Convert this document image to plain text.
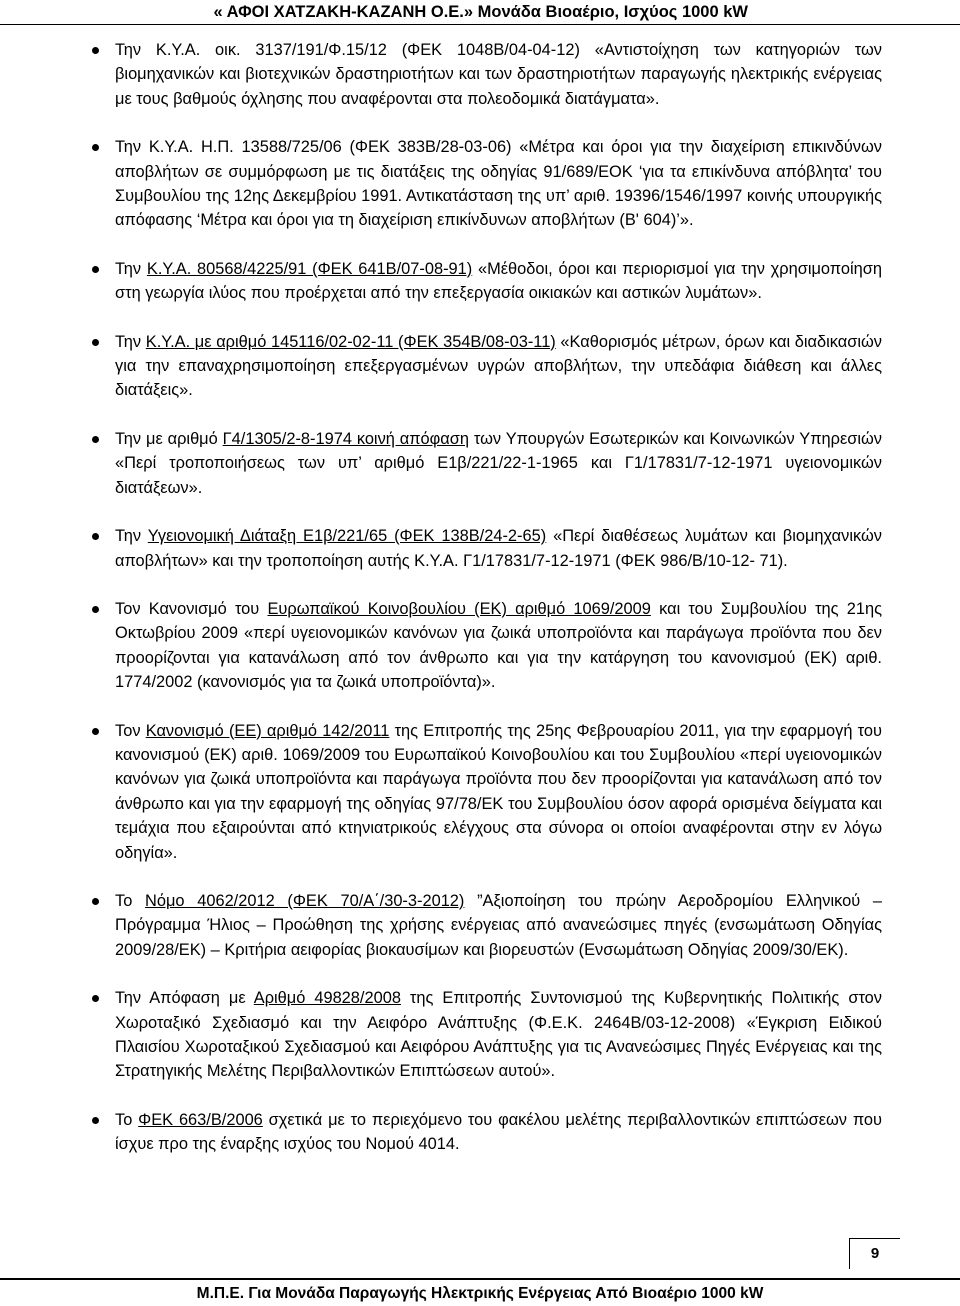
« ΑΦΟΙ ΧΑΤΖΑΚΗ-ΚΑΖΑΝΗ Ο.Ε.» Μονάδα Βιοαέριο, Ισχύος 1000 kW
Την Κ.Υ.Α. οικ. 3137/191/Φ.15/12 (ΦΕΚ 1048Β/04-04-12) «Αντιστοίχηση των κατηγοριών των βιομηχανικών και βιοτεχνικών δραστηριοτήτων και των δραστηριοτήτων παραγωγής ηλεκτρικής ενέργειας με τους βαθμούς όχλησης που αναφέρονται στα πολεοδομικά διατάγματα».
Την Κ.Υ.Α. Η.Π. 13588/725/06 (ΦΕΚ 383Β/28-03-06) «Μέτρα και όροι για την διαχείριση επικινδύνων αποβλήτων σε συμμόρφωση με τις διατάξεις της οδηγίας 91/689/ΕΟΚ ‘για τα επικίνδυνα απόβλητα’ του Συμβουλίου της 12ης Δεκεμβρίου 1991. Αντικατάσταση της υπ’ αριθ. 19396/1546/1997 κοινής υπουργικής απόφασης ‘Μέτρα και όροι για τη διαχείριση επικίνδυνων αποβλήτων (Β' 604)’».
Την Κ.Υ.Α. 80568/4225/91 (ΦΕΚ 641Β/07-08-91) «Μέθοδοι, όροι και περιορισμοί για την χρησιμοποίηση στη γεωργία ιλύος που προέρχεται από την επεξεργασία οικιακών και αστικών λυμάτων».
Την Κ.Υ.Α. με αριθμό 145116/02-02-11 (ΦΕΚ 354Β/08-03-11) «Καθορισμός μέτρων, όρων και διαδικασιών για την επαναχρησιμοποίηση επεξεργασμένων υγρών αποβλήτων, την υπεδάφια διάθεση και άλλες διατάξεις».
Την με αριθμό Γ4/1305/2-8-1974 κοινή απόφαση των Υπουργών Εσωτερικών και Κοινωνικών Υπηρεσιών «Περί τροποποιήσεως των υπ’ αριθμό Ε1β/221/22-1-1965 και Γ1/17831/7-12-1971 υγειονομικών διατάξεων».
Την Υγειονομική Διάταξη Ε1β/221/65 (ΦΕΚ 138Β/24-2-65) «Περί διαθέσεως λυμάτων και βιομηχανικών αποβλήτων» και την τροποποίηση αυτής Κ.Υ.Α. Γ1/17831/7-12-1971 (ΦΕΚ 986/Β/10-12- 71).
Τον Κανονισμό του Ευρωπαϊκού Κοινοβουλίου (ΕΚ) αριθμό 1069/2009 και του Συμβουλίου της 21ης Οκτωβρίου 2009 «περί υγειονομικών κανόνων για ζωικά υποπροϊόντα και παράγωγα προϊόντα που δεν προορίζονται για κατανάλωση από τον άνθρωπο και για την κατάργηση του κανονισμού (ΕΚ) αριθ. 1774/2002 (κανονισμός για τα ζωικά υποπροϊόντα)».
Τον Κανονισμό (ΕΕ) αριθμό 142/2011 της Επιτροπής της 25ης Φεβρουαρίου 2011, για την εφαρμογή του κανονισμού (ΕΚ) αριθ. 1069/2009 του Ευρωπαϊκού Κοινοβουλίου και του Συμβουλίου «περί υγειονομικών κανόνων για ζωικά υποπροϊόντα και παράγωγα προϊόντα που δεν προορίζονται για κατανάλωση από τον άνθρωπο και για την εφαρμογή της οδηγίας 97/78/ΕΚ του Συμβουλίου όσον αφορά ορισμένα δείγματα και τεμάχια που εξαιρούνται από κτηνιατρικούς ελέγχους στα σύνορα οι οποίοι αναφέρονται στην εν λόγω οδηγία».
Το Νόμο 4062/2012 (ΦΕΚ 70/Α΄/30-3-2012) ”Αξιοποίηση του πρώην Αεροδρομίου Ελληνικού – Πρόγραμμα Ήλιος – Προώθηση της χρήσης ενέργειας από ανανεώσιμες πηγές (ενσωμάτωση Οδηγίας 2009/28/ΕΚ) – Κριτήρια αειφορίας βιοκαυσίμων και βιορευστών (Ενσωμάτωση Οδηγίας 2009/30/ΕΚ).
Την Απόφαση με Αριθμό 49828/2008 της Επιτροπής Συντονισμού της Κυβερνητικής Πολιτικής στον Χωροταξικό Σχεδιασμό και την Αειφόρο Ανάπτυξης (Φ.Ε.Κ. 2464Β/03-12-2008) «Έγκριση Ειδικού Πλαισίου Χωροταξικού Σχεδιασμού και Αειφόρου Ανάπτυξης για τις Ανανεώσιμες Πηγές Ενέργειας και της Στρατηγικής Μελέτης Περιβαλλοντικών Επιπτώσεων αυτού».
Το ΦΕΚ 663/Β/2006 σχετικά με το περιεχόμενο του φακέλου μελέτης περιβαλλοντικών επιπτώσεων που ίσχυε προ της έναρξης ισχύος του Νομού 4014.
9
Μ.Π.Ε. Για Μονάδα Παραγωγής Ηλεκτρικής Ενέργειας Από Βιοαέριο 1000 kW
